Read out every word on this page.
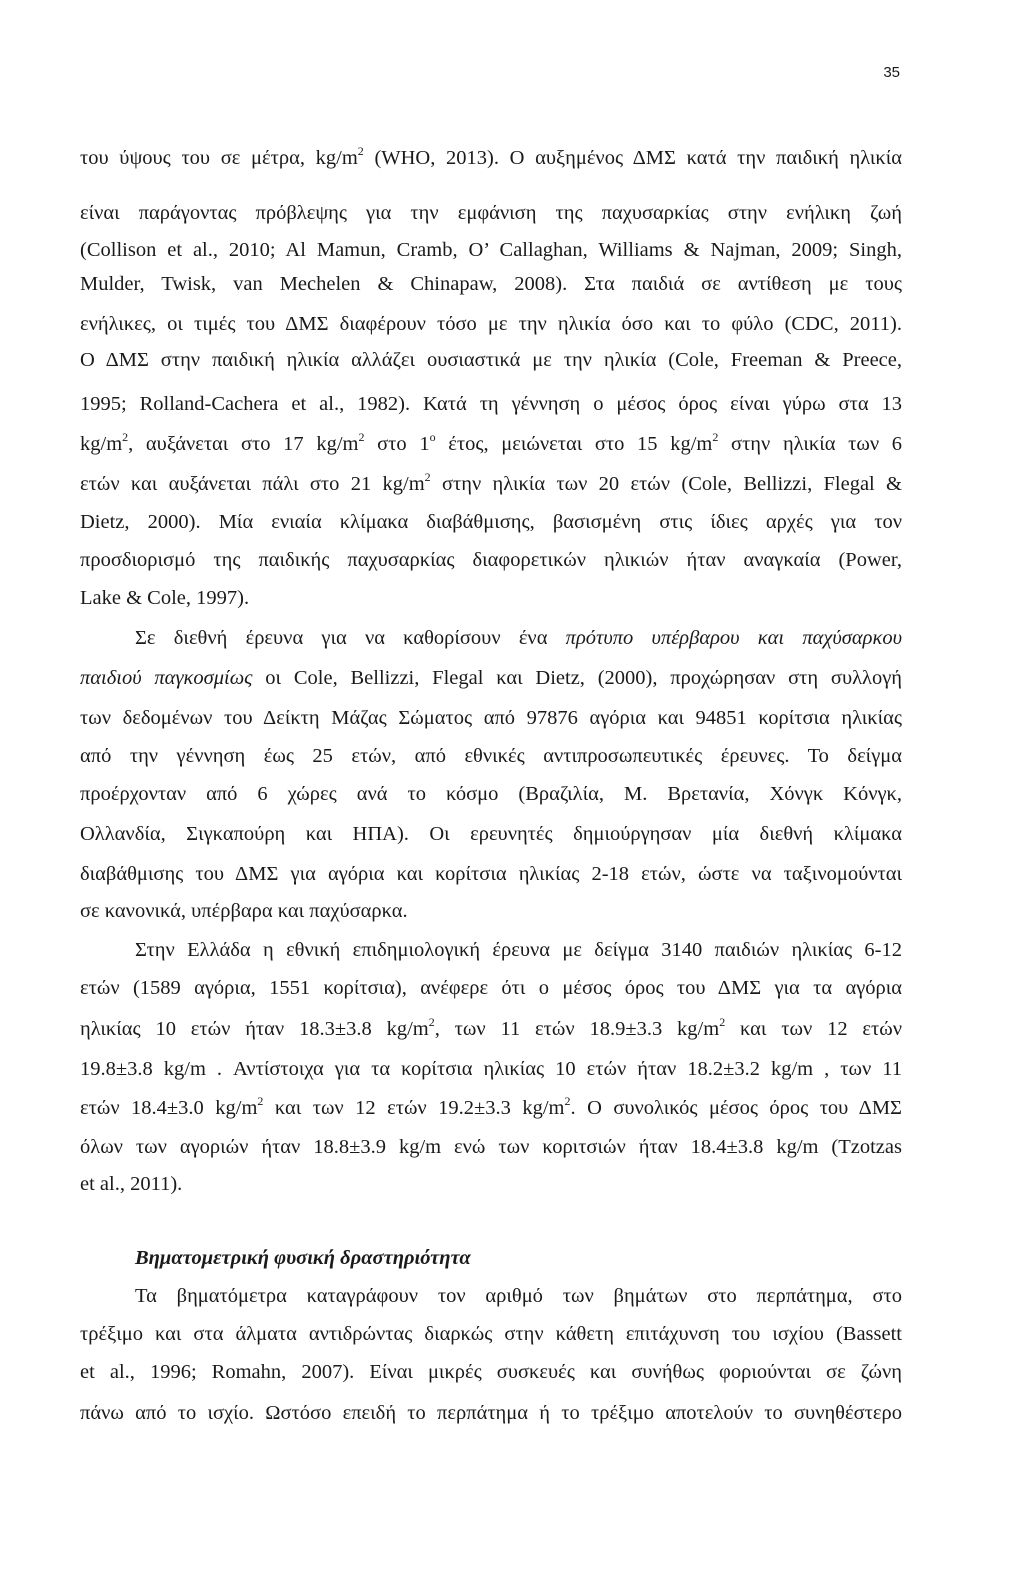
35
του ύψους του σε μέτρα, $kg/m^2$ (WHO, 2013). Ο αυξημένος ΔΜΣ κατά την παιδική ηλικία
είναι παράγοντας πρόβλεψης για την εμφάνιση της παχυσαρκίας στην ενήλικη ζωή
(Collison et al., 2010; Al Mamun, Cramb, O’ Callaghan, Williams & Najman, 2009; Singh,
Mulder, Twisk, van Mechelen & Chinapaw, 2008). Στα παιδιά σε αντίθεση με τους
ενήλικες, οι τιμές του ΔΜΣ διαφέρουν τόσο με την ηλικία όσο και το φύλο (CDC, 2011).
Ο ΔΜΣ στην παιδική ηλικία αλλάζει ουσιαστικά με την ηλικία (Cole, Freeman & Preece,
1995; Rolland-Cachera et al., 1982). Κατά τη γέννηση ο μέσος όρος είναι γύρω στα 13
$kg/m^2$, αυξάνεται στο 17 $kg/m^2$ στο $1^o$ έτος, μειώνεται στο 15 $kg/m^2$ στην ηλικία των 6
ετών και αυξάνεται πάλι στο 21 $kg/m^2$ στην ηλικία των 20 ετών (Cole, Bellizzi, Flegal &
Dietz, 2000). Μία ενιαία κλίμακα διαβάθμισης, βασισμένη στις ίδιες αρχές για τον
προσδιορισμό της παιδικής παχυσαρκίας διαφορετικών ηλικιών ήταν αναγκαία (Power,
Lake & Cole, 1997).
Σε διεθνή έρευνα για να καθορίσουν ένα πρότυπο υπέρβαρου και παχύσαρκου
παιδιού παγκοσμίως οι Cole, Bellizzi, Flegal και Dietz, (2000), προχώρησαν στη συλλογή
των δεδομένων του Δείκτη Μάζας Σώματος από 97876 αγόρια και 94851 κορίτσια ηλικίας
από την γέννηση έως 25 ετών, από εθνικές αντιπροσωπευτικές έρευνες. Το δείγμα
προέρχονταν από 6 χώρες ανά το κόσμο (Βραζιλία, Μ. Βρετανία, Χόνγκ Κόνγκ,
Ολλανδία, Σιγκαπούρη και ΗΠΑ). Οι ερευνητές δημιούργησαν μία διεθνή κλίμακα
διαβάθμισης του ΔΜΣ για αγόρια και κορίτσια ηλικίας 2-18 ετών, ώστε να ταξινομούνται
σε κανονικά, υπέρβαρα και παχύσαρκα.
Στην Ελλάδα η εθνική επιδημιολογική έρευνα με δείγμα 3140 παιδιών ηλικίας 6-12
ετών (1589 αγόρια, 1551 κορίτσια), ανέφερε ότι ο μέσος όρος του ΔΜΣ για τα αγόρια
ηλικίας 10 ετών ήταν 18.3±3.8 $kg/m^2$, των 11 ετών 18.9±3.3 $kg/m^2$ και των 12 ετών
19.8±3.8 kg/m . Αντίστοιχα για τα κορίτσια ηλικίας 10 ετών ήταν 18.2±3.2 kg/m , των 11
ετών 18.4±3.0 $kg/m^2$ και των 12 ετών 19.2±3.3 $kg/m^2$. Ο συνολικός μέσος όρος του ΔΜΣ
όλων των αγοριών ήταν 18.8±3.9 kg/m ενώ των κοριτσιών ήταν 18.4±3.8 kg/m (Tzotzas
et al., 2011).
Βηματομετρική φυσική δραστηριότητα
Τα βηματόμετρα καταγράφουν τον αριθμό των βημάτων στο περπάτημα, στο
τρέξιμο και στα άλματα αντιδρώντας διαρκώς στην κάθετη επιτάχυνση του ισχίου (Bassett
et al., 1996; Romahn, 2007). Είναι μικρές συσκευές και συνήθως φοριούνται σε ζώνη
πάνω από το ισχίο. Ωστόσο επειδή το περπάτημα ή το τρέξιμο αποτελούν το συνηθέστερο
